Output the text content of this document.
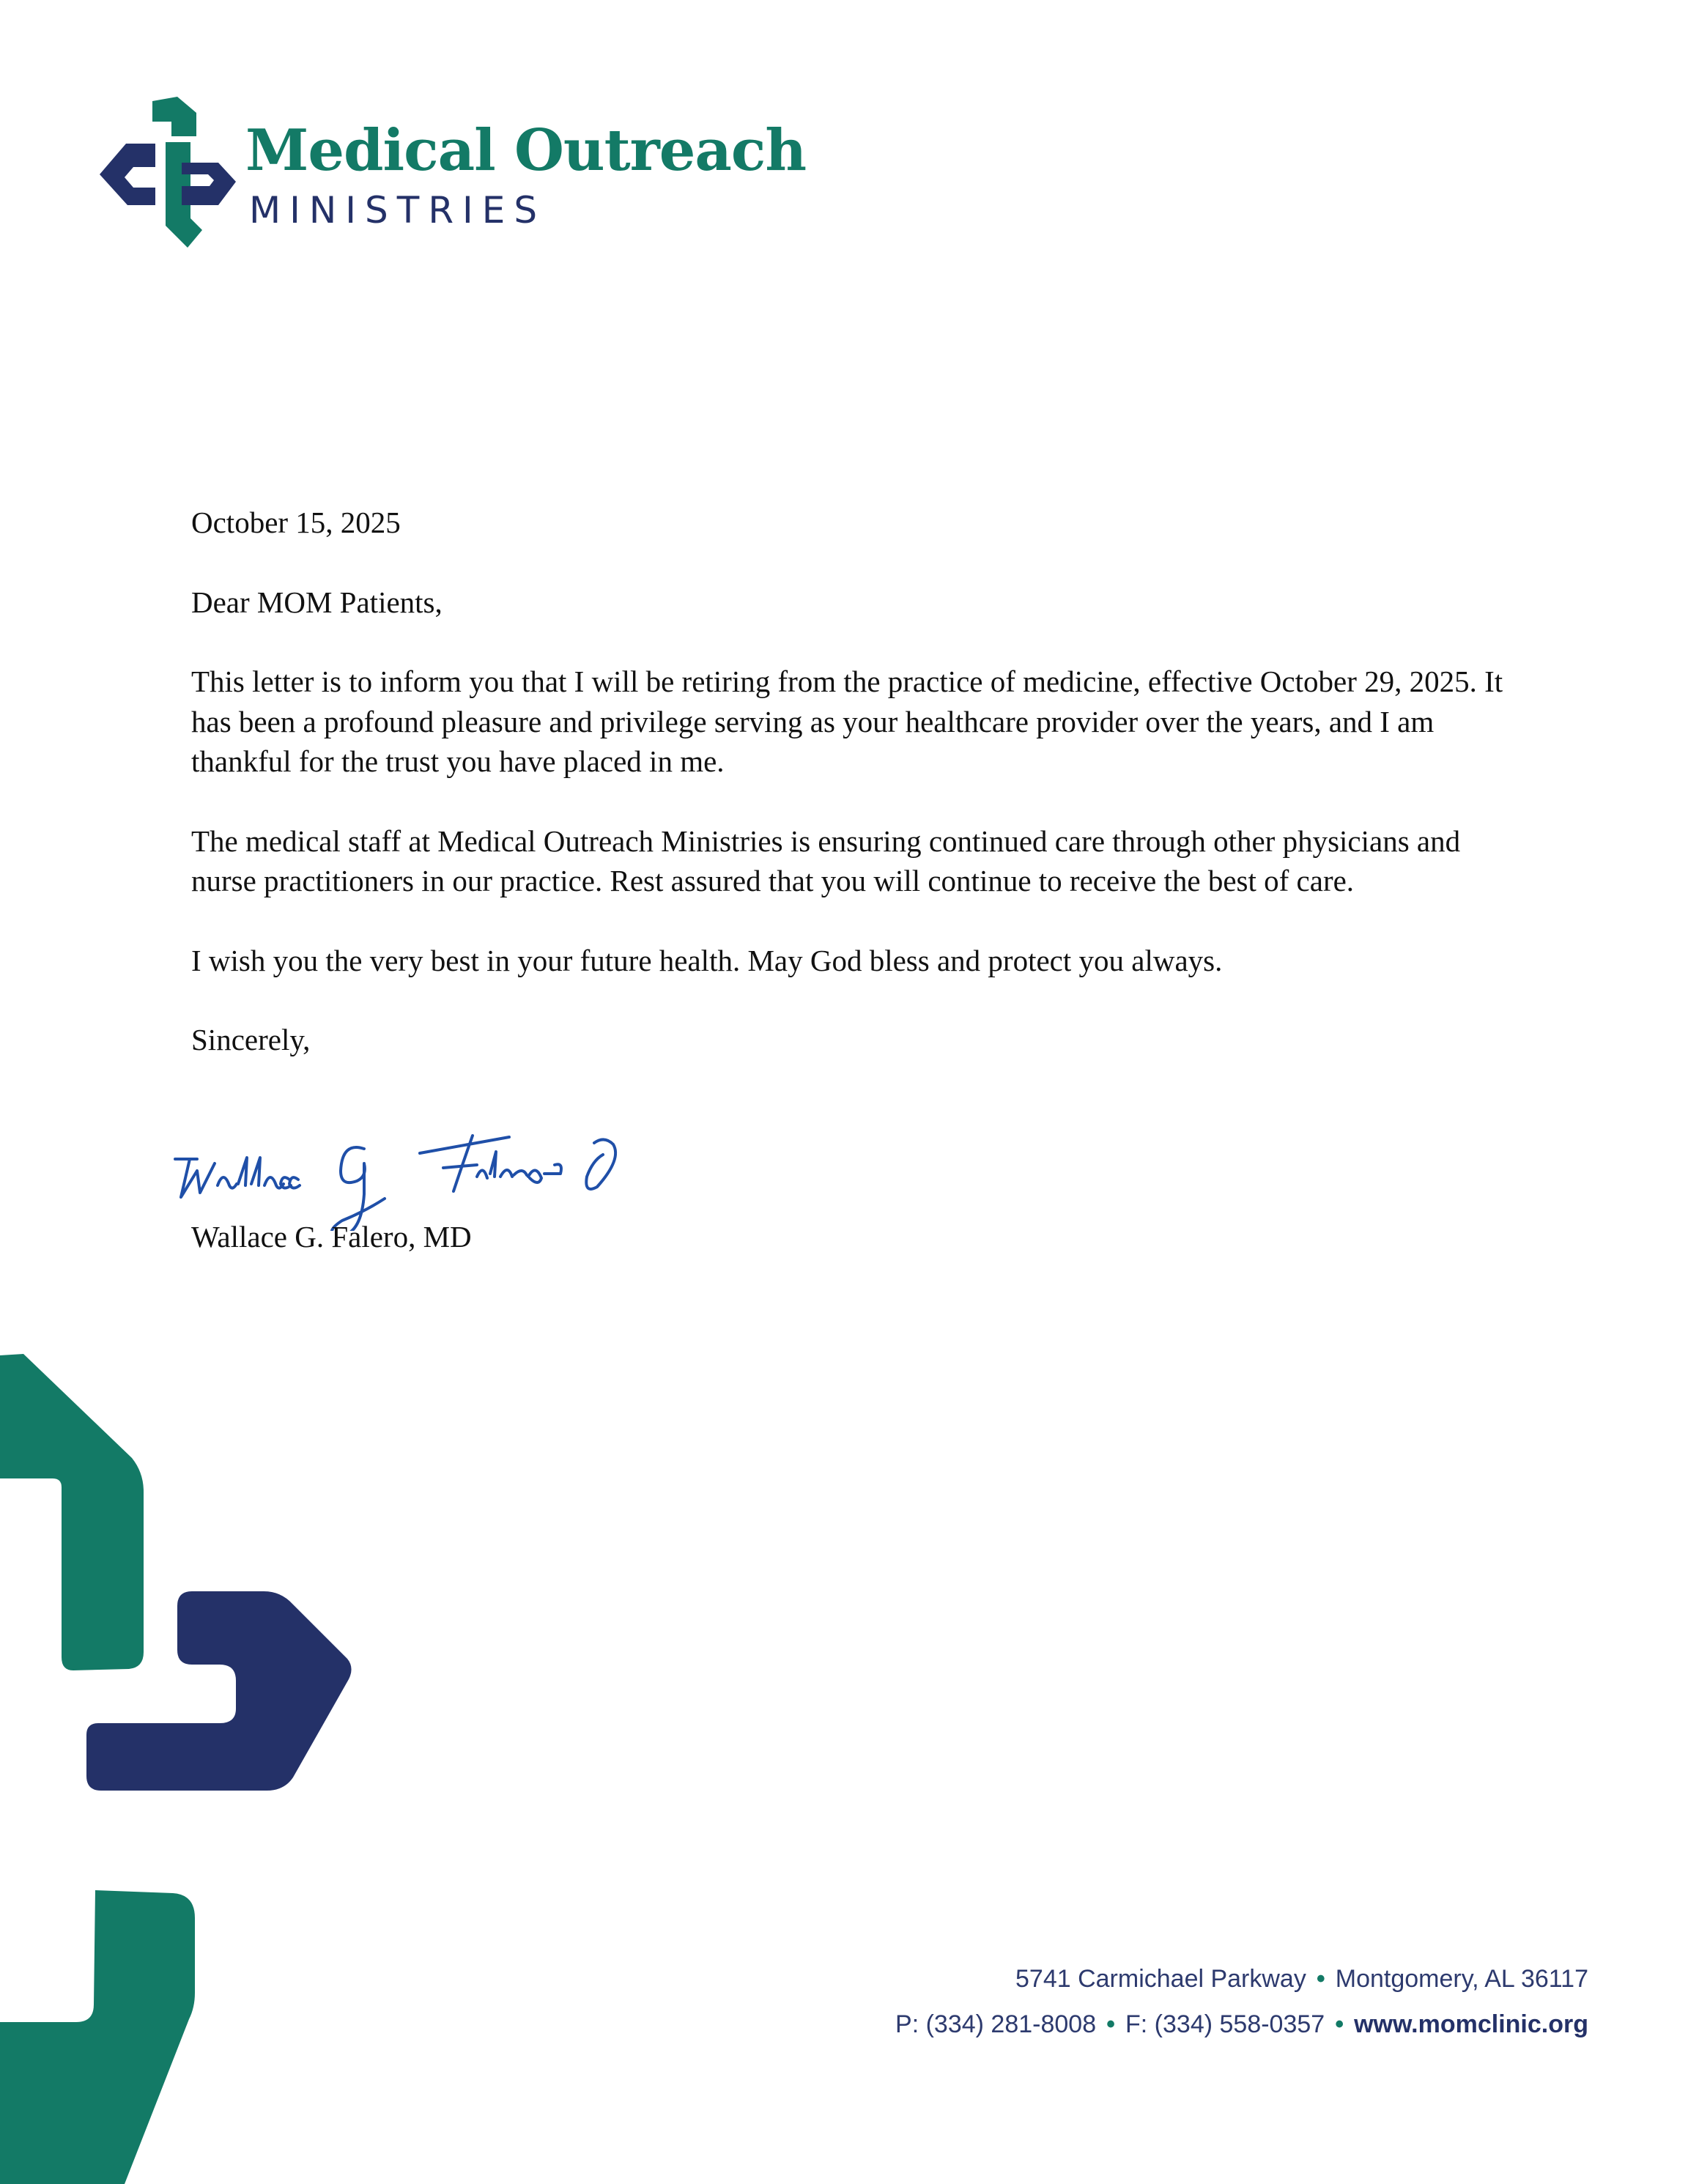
Medical Outreach
MINISTRIES

October 15, 2025

Dear MOM Patients,

This letter is to inform you that I will be retiring from the practice of medicine, effective October 29, 2025. It has been a profound pleasure and privilege serving as your healthcare provider over the years, and I am thankful for the trust you have placed in me.

The medical staff at Medical Outreach Ministries is ensuring continued care through other physicians and nurse practitioners in our practice. Rest assured that you will continue to receive the best of care.

I wish you the very best in your future health. May God bless and protect you always.

Sincerely,

Wallace G. Falero, MD
5741 Carmichael Parkway • Montgomery, AL 36117
P: (334) 281-8008 • F: (334) 558-0357 • www.momclinic.org
